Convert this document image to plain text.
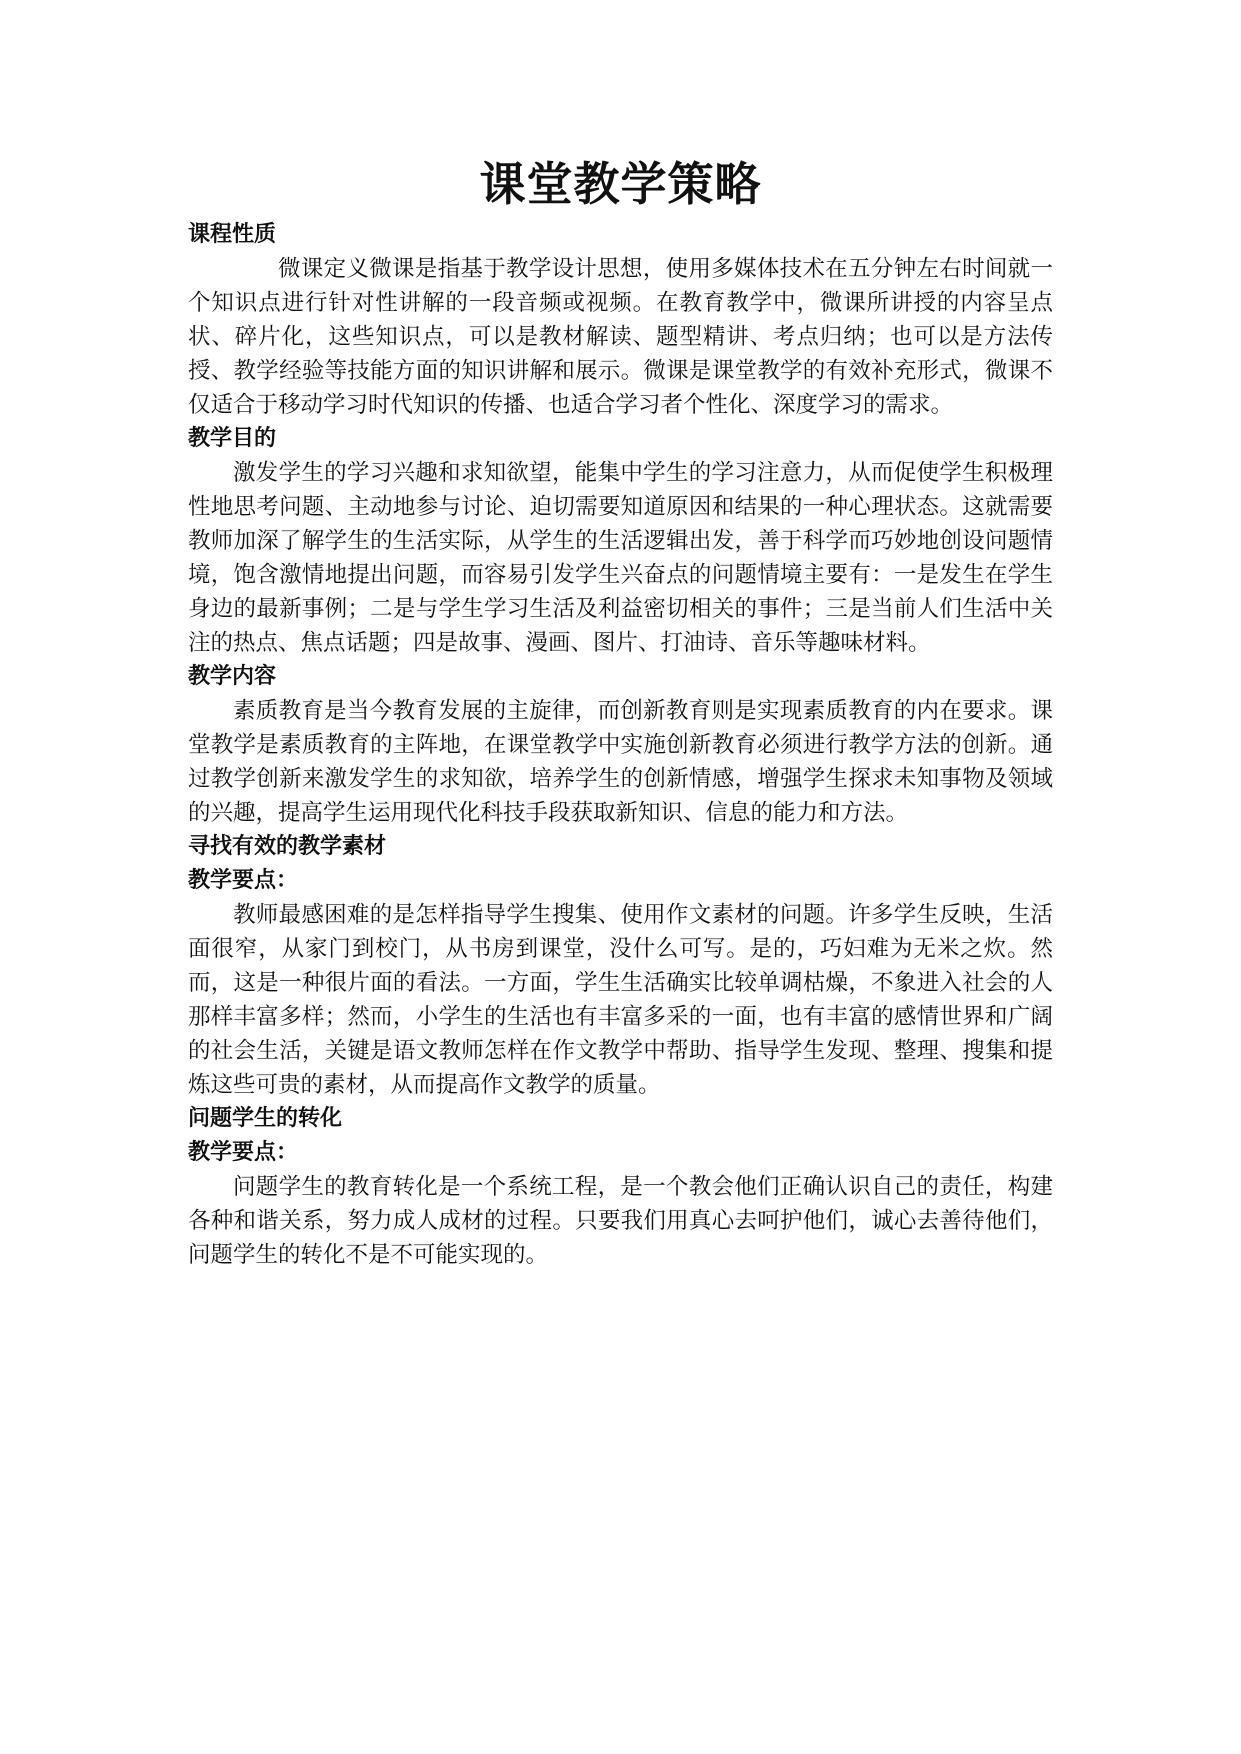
课堂教学策略
课程性质

微课定义微课是指基于教学设计思想，使用多媒体技术在五分钟左右时间就一个知识点进行针对性讲解的一段音频或视频。在教育教学中，微课所讲授的内容呈点状、碎片化，这些知识点，可以是教材解读、题型精讲、考点归纳；也可以是方法传授、教学经验等技能方面的知识讲解和展示。微课是课堂教学的有效补充形式，微课不仅适合于移动学习时代知识的传播、也适合学习者个性化、深度学习的需求。

教学目的

激发学生的学习兴趣和求知欲望，能集中学生的学习注意力，从而促使学生积极理性地思考问题、主动地参与讨论、迫切需要知道原因和结果的一种心理状态。这就需要教师加深了解学生的生活实际，从学生的生活逻辑出发，善于科学而巧妙地创设问题情境，饱含激情地提出问题，而容易引发学生兴奋点的问题情境主要有：一是发生在学生身边的最新事例；二是与学生学习生活及利益密切相关的事件；三是当前人们生活中关注的热点、焦点话题；四是故事、漫画、图片、打油诗、音乐等趣味材料。

教学内容

素质教育是当今教育发展的主旋律，而创新教育则是实现素质教育的内在要求。课堂教学是素质教育的主阵地，在课堂教学中实施创新教育必须进行教学方法的创新。通过教学创新来激发学生的求知欲，培养学生的创新情感，增强学生探求未知事物及领域的兴趣，提高学生运用现代化科技手段获取新知识、信息的能力和方法。

寻找有效的教学素材
教学要点：

教师最感困难的是怎样指导学生搜集、使用作文素材的问题。许多学生反映，生活面很窄，从家门到校门，从书房到课堂，没什么可写。是的，巧妇难为无米之炊。然而，这是一种很片面的看法。一方面，学生生活确实比较单调枯燥，不象进入社会的人那样丰富多样；然而，小学生的生活也有丰富多采的一面，也有丰富的感情世界和广阔的社会生活，关键是语文教师怎样在作文教学中帮助、指导学生发现、整理、搜集和提炼这些可贵的素材，从而提高作文教学的质量。

问题学生的转化
教学要点：

问题学生的教育转化是一个系统工程，是一个教会他们正确认识自己的责任，构建各种和谐关系，努力成人成材的过程。只要我们用真心去呵护他们，诚心去善待他们，问题学生的转化不是不可能实现的。
